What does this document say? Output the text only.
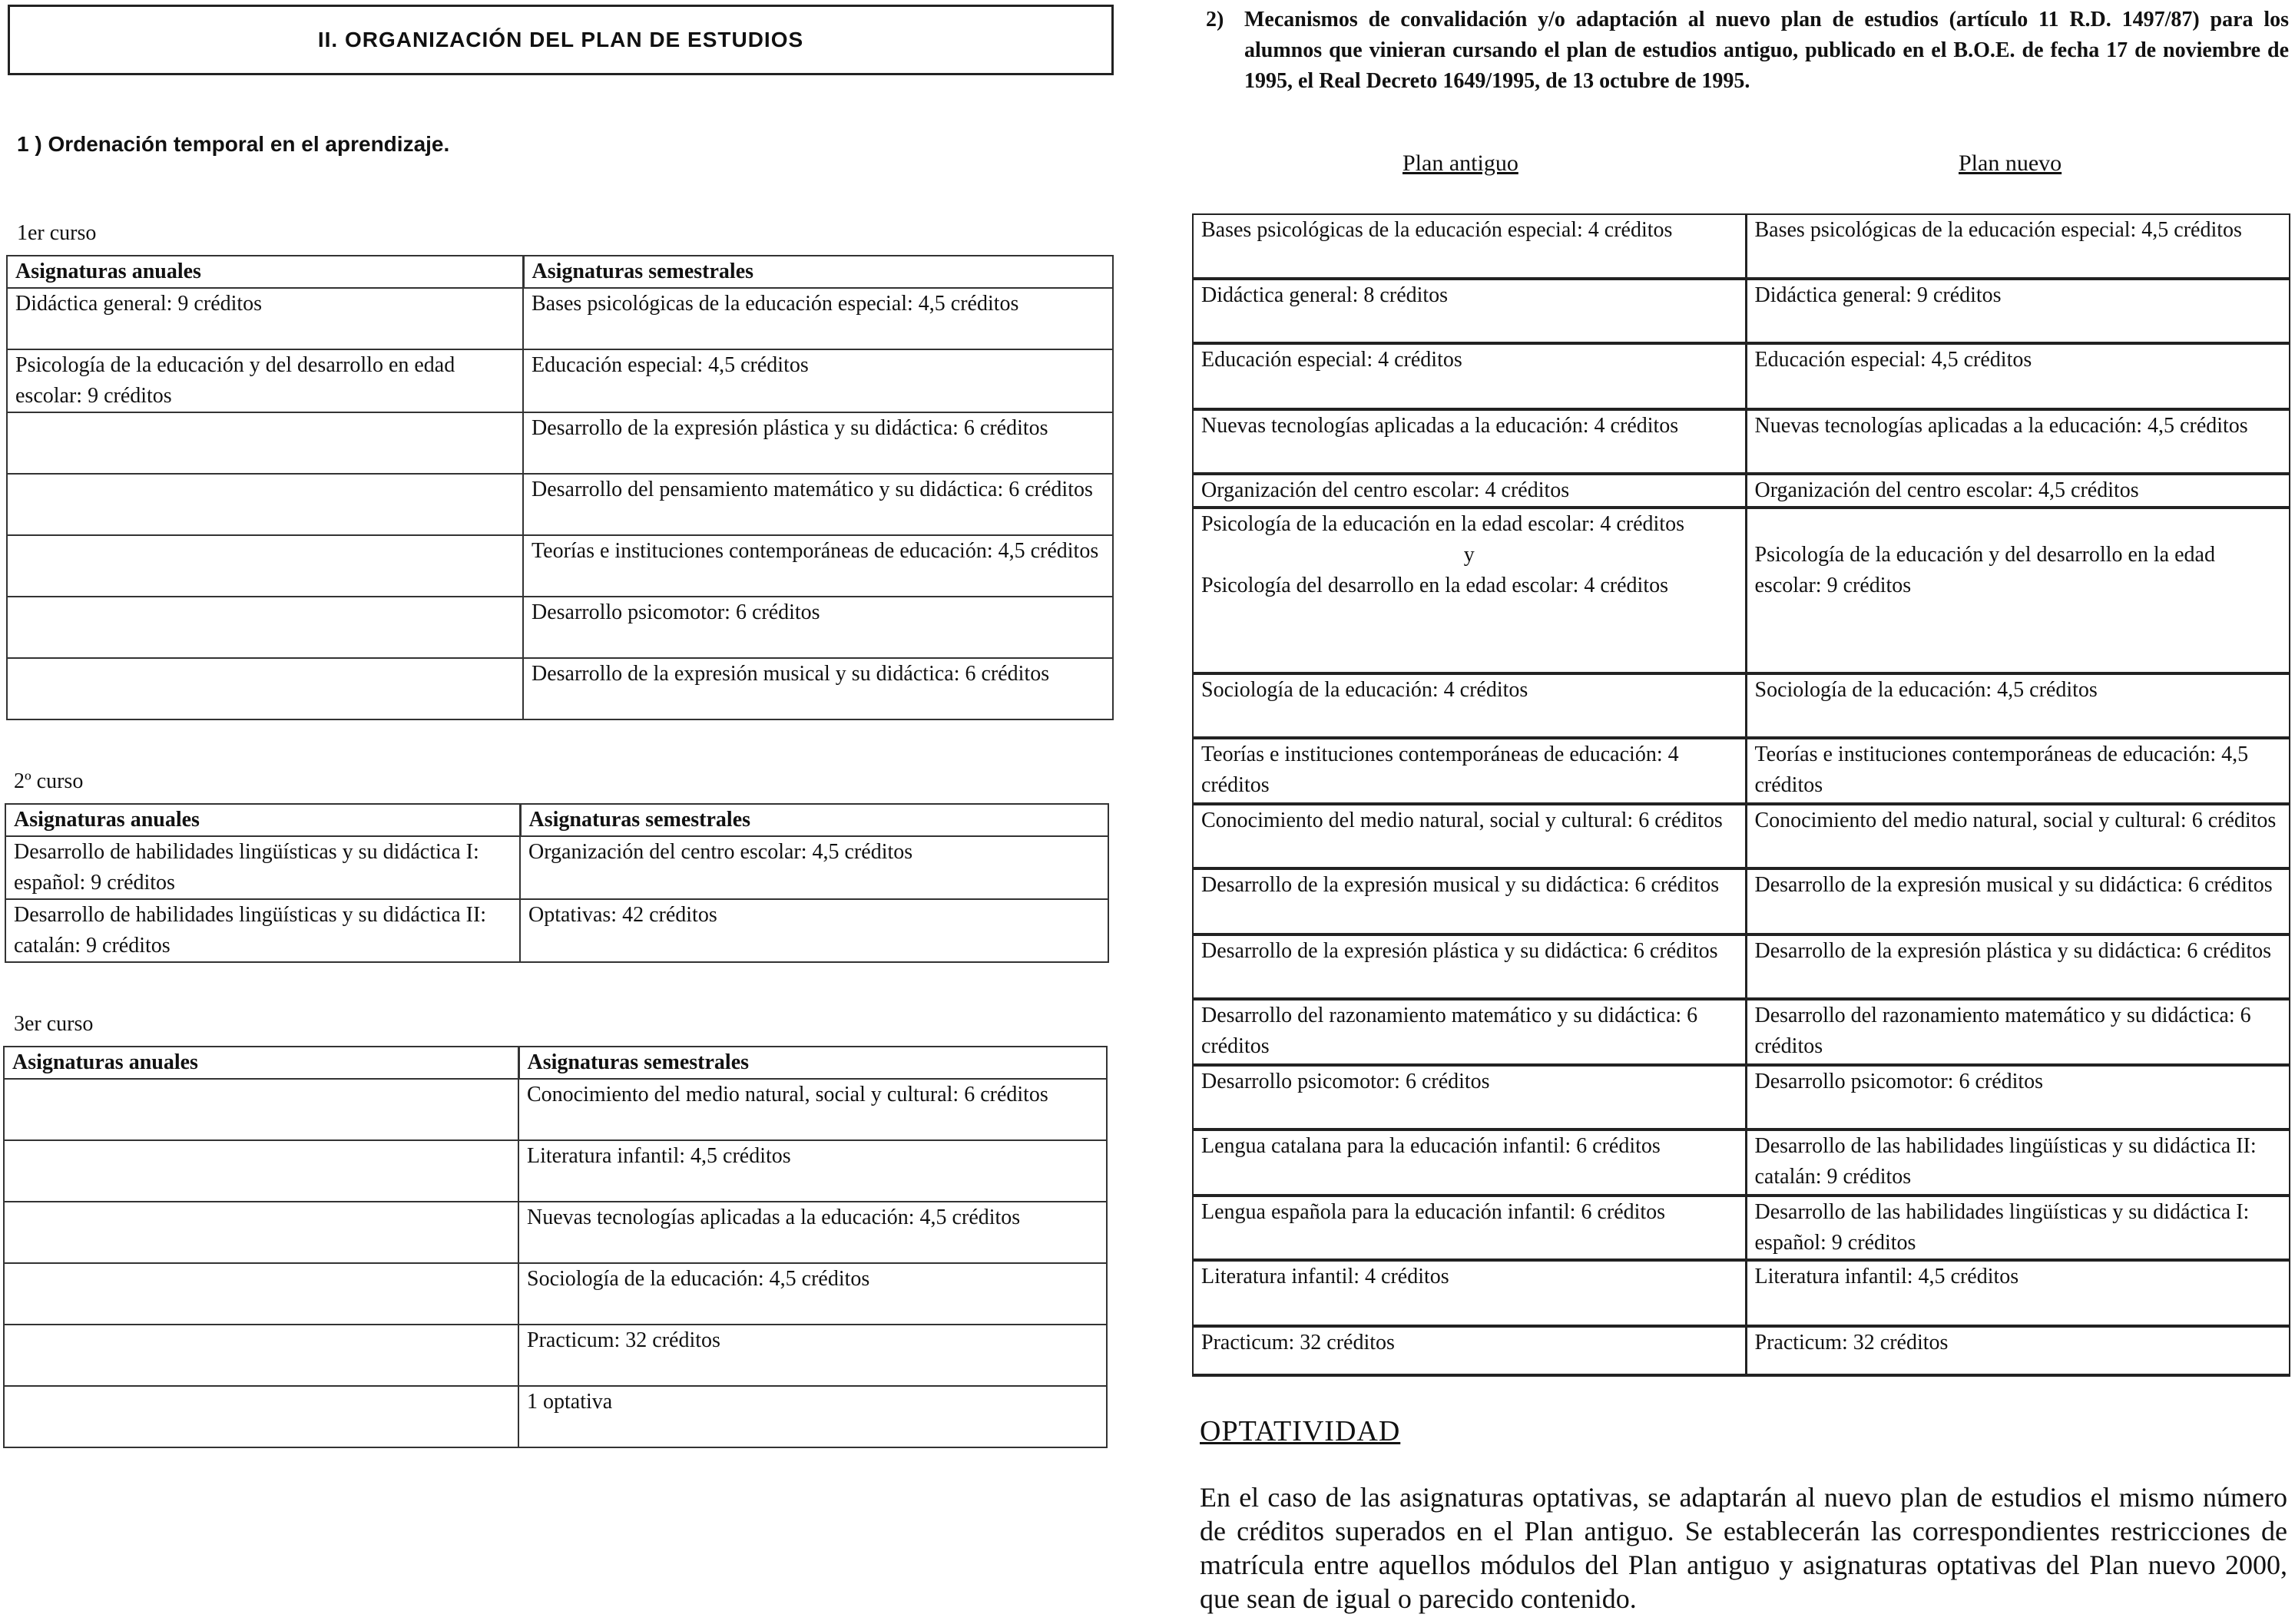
II. ORGANIZACIÓN DEL PLAN DE ESTUDIOS
1 ) Ordenación temporal en el aprendizaje.
1er curso
Asignaturas anuales	Asignaturas semestrales
Didáctica general: 9 créditos	Bases psicológicas de la educación especial: 4,5 créditos
Psicología de la educación y del desarrollo en edad escolar: 9 créditos	Educación especial: 4,5 créditos
	Desarrollo de la expresión plástica y su didáctica: 6 créditos
	Desarrollo del pensamiento matemático y su didáctica: 6 créditos
	Teorías e instituciones contemporáneas de educación: 4,5 créditos
	Desarrollo psicomotor: 6 créditos
	Desarrollo de la expresión musical y su didáctica: 6 créditos
2º curso
Asignaturas anuales	Asignaturas semestrales
Desarrollo de habilidades lingüísticas y su didáctica I: español: 9 créditos	Organización del centro escolar: 4,5 créditos
Desarrollo de habilidades lingüísticas y su didáctica II: catalán: 9 créditos	Optativas: 42 créditos
3er curso
Asignaturas anuales	Asignaturas semestrales
	Conocimiento del medio natural, social y cultural: 6 créditos
	Literatura infantil: 4,5 créditos
	Nuevas tecnologías aplicadas a la educación: 4,5 créditos
	Sociología de la educación: 4,5 créditos
	Practicum: 32 créditos
	1 optativa
2) Mecanismos de convalidación y/o adaptación al nuevo plan de estudios (artículo 11 R.D. 1497/87) para los alumnos que vinieran cursando el plan de estudios antiguo, publicado en el B.O.E. de fecha 17 de noviembre de 1995, el Real Decreto 1649/1995, de 13 octubre de 1995.
Plan antiguo	Plan nuevo
Bases psicológicas de la educación especial: 4 créditos	Bases psicológicas de la educación especial: 4,5 créditos
Didáctica general: 8 créditos	Didáctica general: 9 créditos
Educación especial: 4 créditos	Educación especial: 4,5 créditos
Nuevas tecnologías aplicadas a la educación: 4 créditos	Nuevas tecnologías aplicadas a la educación: 4,5 créditos
Organización del centro escolar: 4 créditos	Organización del centro escolar: 4,5 créditos

Psicología de la educación en la edad escolar: 4 créditos
y
Psicología del desarrollo en la edad escolar: 4 créditos	Psicología de la educación y del desarrollo en la edad escolar: 9 créditos
Sociología de la educación: 4 créditos	Sociología de la educación: 4,5 créditos
Teorías e instituciones contemporáneas de educación: 4 créditos	Teorías e instituciones contemporáneas de educación: 4,5 créditos
Conocimiento del medio natural, social y cultural: 6 créditos	Conocimiento del medio natural, social y cultural: 6 créditos
Desarrollo de la expresión musical y su didáctica: 6 créditos	Desarrollo de la expresión musical y su didáctica: 6 créditos
Desarrollo de la expresión plástica y su didáctica: 6 créditos	Desarrollo de la expresión plástica y su didáctica: 6 créditos
Desarrollo del razonamiento matemático y su didáctica: 6 créditos	Desarrollo del razonamiento matemático y su didáctica: 6 créditos
Desarrollo psicomotor: 6 créditos	Desarrollo psicomotor: 6 créditos
Lengua catalana para la educación infantil: 6 créditos	Desarrollo de las habilidades lingüísticas y su didáctica II: catalán: 9 créditos
Lengua española para la educación infantil: 6 créditos	Desarrollo de las habilidades lingüísticas y su didáctica I: español: 9 créditos
Literatura infantil: 4 créditos	Literatura infantil: 4,5 créditos
Practicum: 32 créditos	Practicum: 32 créditos
OPTATIVIDAD
En el caso de las asignaturas optativas, se adaptarán al nuevo plan de estudios el mismo número de créditos superados en el Plan antiguo. Se establecerán las correspondientes restricciones de matrícula entre aquellos módulos del Plan antiguo y asignaturas optativas del Plan nuevo 2000, que sean de igual o parecido contenido.
